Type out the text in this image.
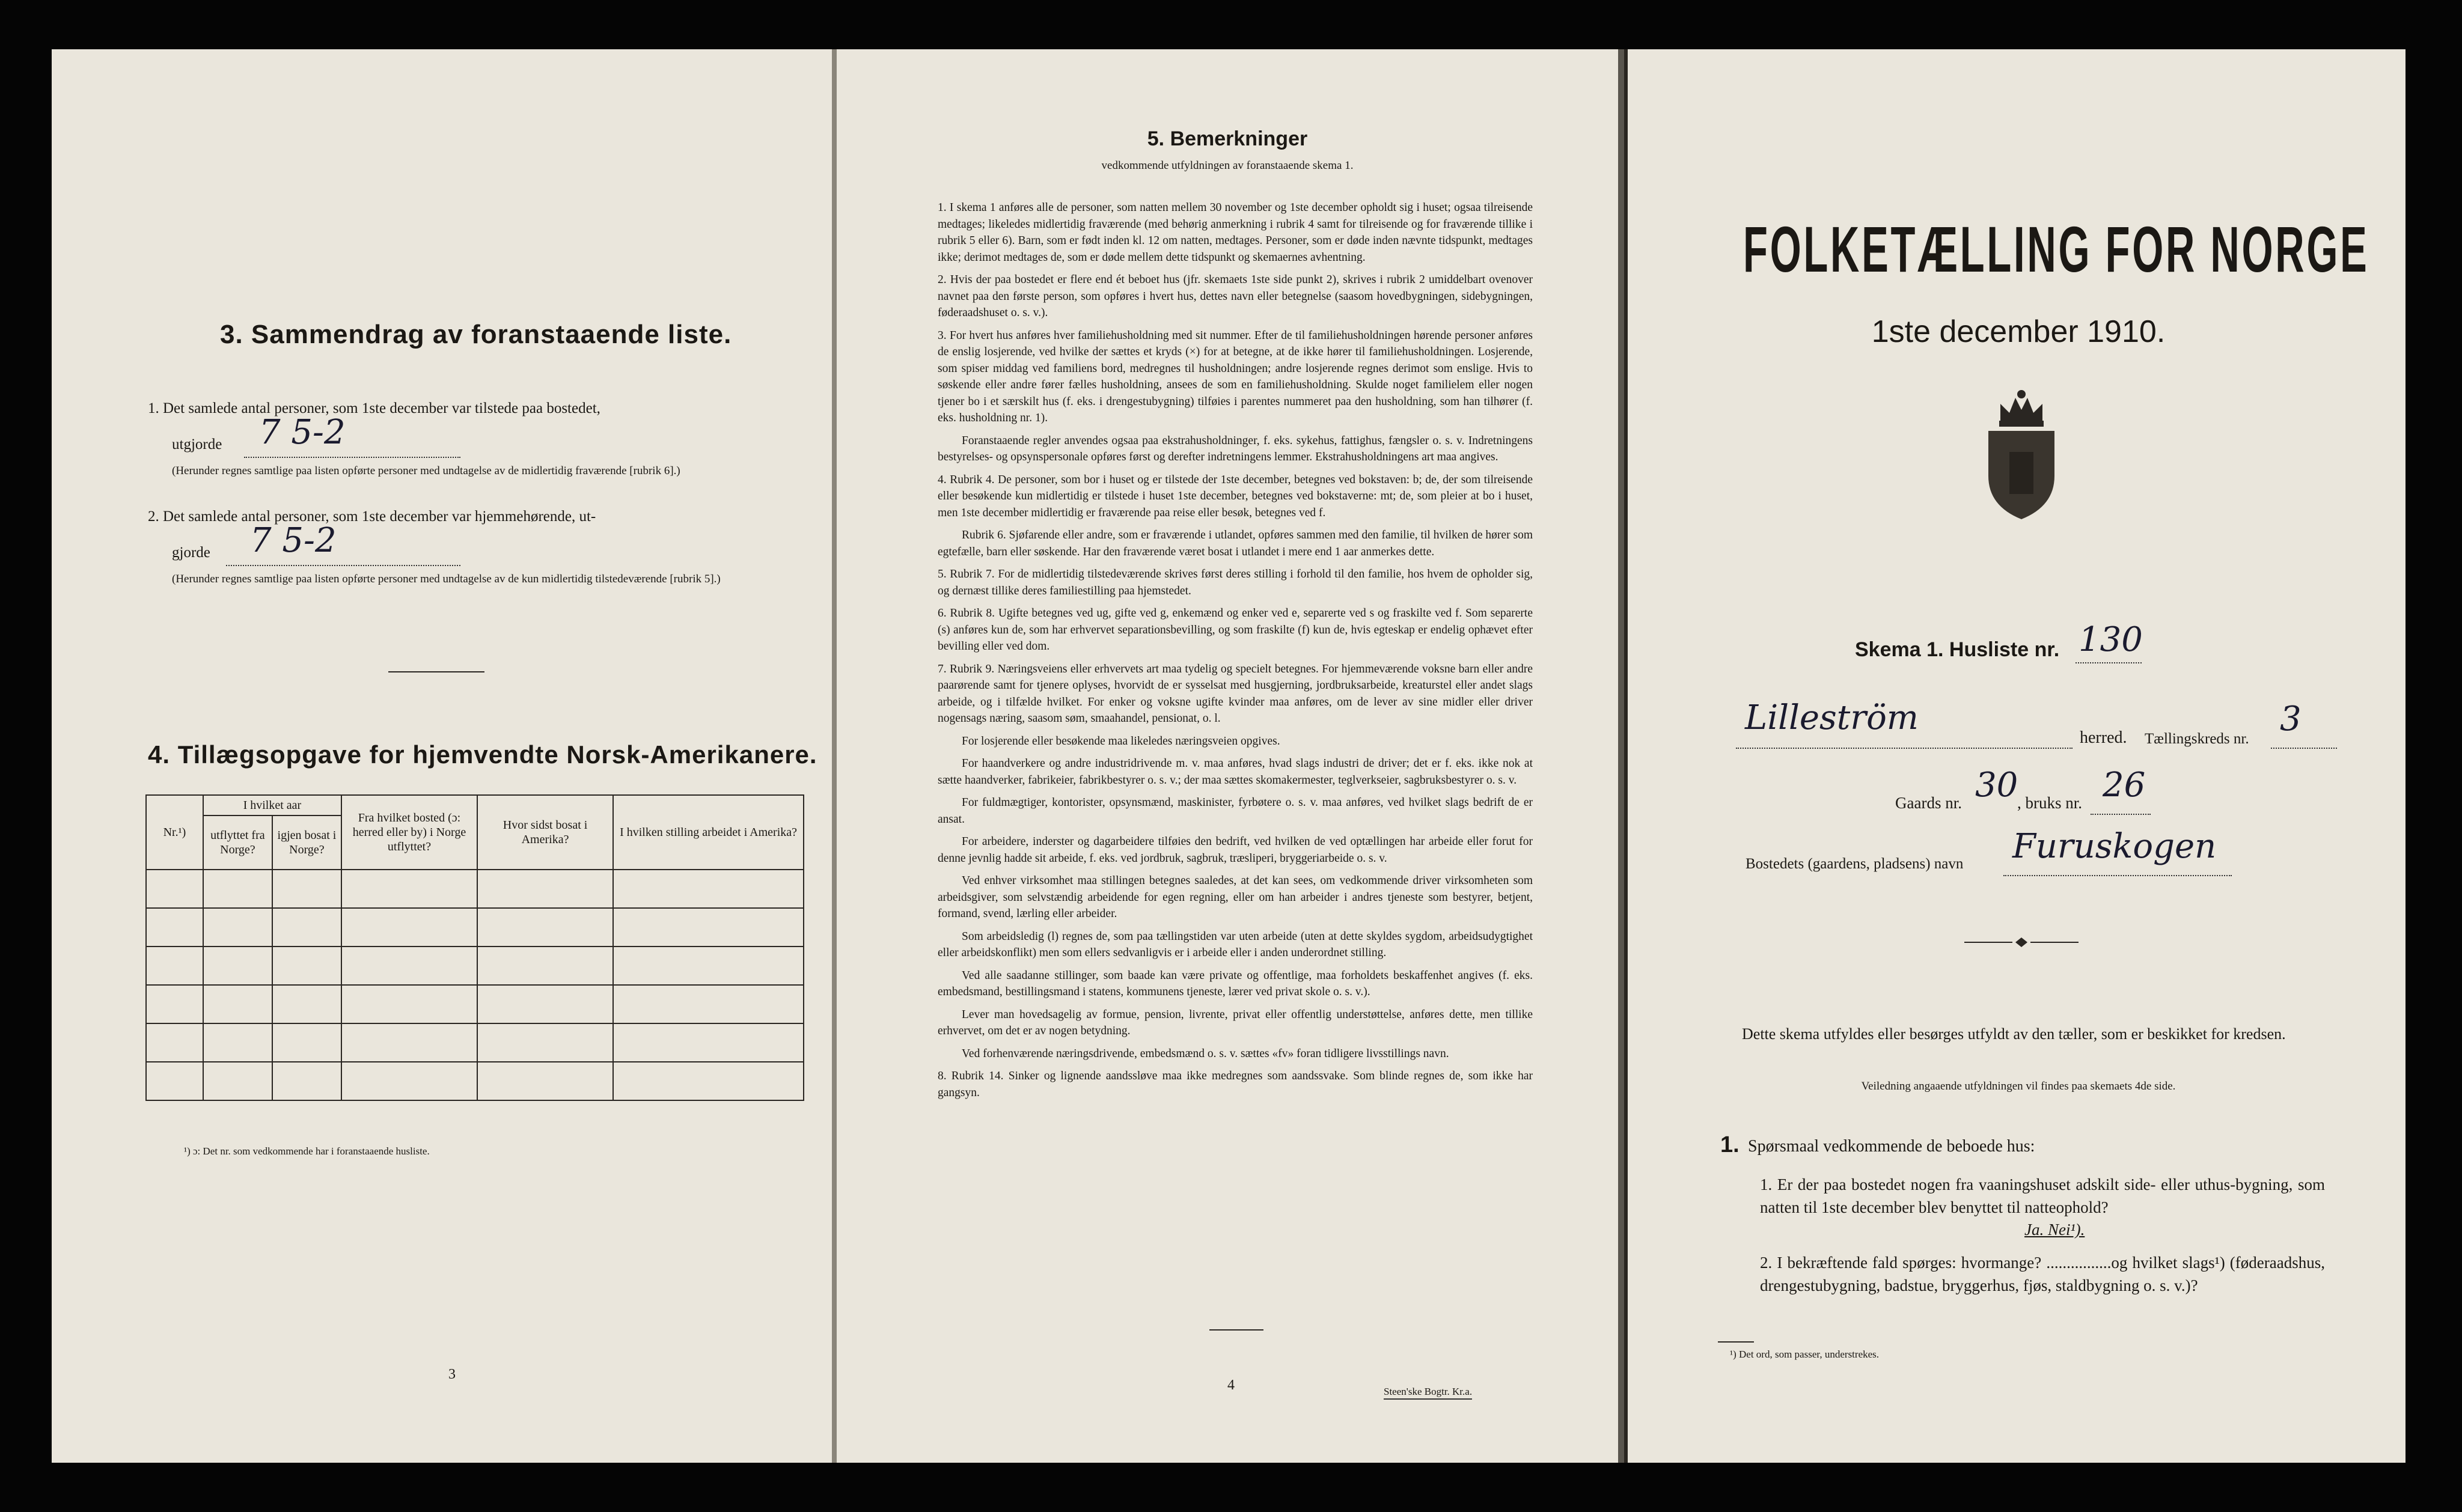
3. Sammendrag av foranstaaende liste.
1. Det samlede antal personer, som 1ste december var tilstede paa bostedet,
utgjorde 7 5-2
(Herunder regnes samtlige paa listen opførte personer med undtagelse av de midlertidig fraværende [rubrik 6].)
2. Det samlede antal personer, som 1ste december var hjemmehørende, ut-
gjorde 7 5-2
(Herunder regnes samtlige paa listen opførte personer med undtagelse av de kun midlertidig tilstedeværende [rubrik 5].)
4. Tillægsopgave for hjemvendte Norsk-Amerikanere.
Nr.¹)	I hvilket aar		Fra hvilket bosted (ɔ: herred eller by) i Norge utflyttet?	Hvor sidst bosat i Amerika?	I hvilken stilling arbeidet i Amerika?
	utflyttet fra Norge?	igjen bosat i Norge?			

¹) ɔ: Det nr. som vedkommende har i foranstaaende husliste.
3
5. Bemerkninger
vedkommende utfyldningen av foranstaaende skema 1.

1. I skema 1 anføres alle de personer, som natten mellem 30 november og 1ste december opholdt sig i huset; ogsaa tilreisende medtages; likeledes midlertidig fraværende (med behørig anmerkning i rubrik 4 samt for tilreisende og for fraværende tillike i rubrik 5 eller 6). Barn, som er født inden kl. 12 om natten, medtages. Personer, som er døde inden nævnte tidspunkt, medtages ikke; derimot medtages de, som er døde mellem dette tidspunkt og skemaernes avhentning.

2. Hvis der paa bostedet er flere end ét beboet hus (jfr. skemaets 1ste side punkt 2), skrives i rubrik 2 umiddelbart ovenover navnet paa den første person, som opføres i hvert hus, dettes navn eller betegnelse (saasom hovedbygningen, sidebygningen, føderaadshuset o. s. v.).

3. For hvert hus anføres hver familiehusholdning med sit nummer. Efter de til familiehusholdningen hørende personer anføres de enslig losjerende, ved hvilke der sættes et kryds (×) for at betegne, at de ikke hører til familiehusholdningen. Losjerende, som spiser middag ved familiens bord, medregnes til husholdningen; andre losjerende regnes derimot som enslige. Hvis to søskende eller andre fører fælles husholdning, ansees de som en familiehusholdning. Skulde noget familielem eller nogen tjener bo i et særskilt hus (f. eks. i drengestubygning) tilføies i parentes nummeret paa den husholdning, som han tilhører (f. eks. husholdning nr. 1).

Foranstaaende regler anvendes ogsaa paa ekstrahusholdninger, f. eks. sykehus, fattighus, fængsler o. s. v. Indretningens bestyrelses- og opsynspersonale opføres først og derefter indretningens lemmer. Ekstrahusholdningens art maa angives.

4. Rubrik 4. De personer, som bor i huset og er tilstede der 1ste december, betegnes ved bokstaven: b; de, der som tilreisende eller besøkende kun midlertidig er tilstede i huset 1ste december, betegnes ved bokstaverne: mt; de, som pleier at bo i huset, men 1ste december midlertidig er fraværende paa reise eller besøk, betegnes ved f.

Rubrik 6. Sjøfarende eller andre, som er fraværende i utlandet, opføres sammen med den familie, til hvilken de hører som egtefælle, barn eller søskende. Har den fraværende været bosat i utlandet i mere end 1 aar anmerkes dette.

5. Rubrik 7. For de midlertidig tilstedeværende skrives først deres stilling i forhold til den familie, hos hvem de opholder sig, og dernæst tillike deres familiestilling paa hjemstedet.

6. Rubrik 8. Ugifte betegnes ved ug, gifte ved g, enkemænd og enker ved e, separerte ved s og fraskilte ved f. Som separerte (s) anføres kun de, som har erhvervet separationsbevilling, og som fraskilte (f) kun de, hvis egteskap er endelig ophævet efter bevilling eller ved dom.

7. Rubrik 9. Næringsveiens eller erhvervets art maa tydelig og specielt betegnes. For hjemmeværende voksne barn eller andre paarørende samt for tjenere oplyses, hvorvidt de er sysselsat med husgjerning, jordbruksarbeide, kreaturstel eller andet slags arbeide, og i tilfælde hvilket. For enker og voksne ugifte kvinder maa anføres, om de lever av sine midler eller driver nogensags næring, saasom søm, smaahandel, pensionat, o. l.

For losjerende eller besøkende maa likeledes næringsveien opgives.

For haandverkere og andre industridrivende m. v. maa anføres, hvad slags industri de driver; det er f. eks. ikke nok at sætte haandverker, fabrikeier, fabrikbestyrer o. s. v.; der maa sættes skomakermester, teglverkseier, sagbruksbestyrer o. s. v.

For fuldmægtiger, kontorister, opsynsmænd, maskinister, fyrbøtere o. s. v. maa anføres, ved hvilket slags bedrift de er ansat.

For arbeidere, inderster og dagarbeidere tilføies den bedrift, ved hvilken de ved optællingen har arbeide eller forut for denne jevnlig hadde sit arbeide, f. eks. ved jordbruk, sagbruk, træsliperi, bryggeriarbeide o. s. v.

Ved enhver virksomhet maa stillingen betegnes saaledes, at det kan sees, om vedkommende driver virksomheten som arbeidsgiver, som selvstændig arbeidende for egen regning, eller om han arbeider i andres tjeneste som bestyrer, betjent, formand, svend, lærling eller arbeider.

Som arbeidsledig (l) regnes de, som paa tællingstiden var uten arbeide (uten at dette skyldes sygdom, arbeidsudygtighet eller arbeidskonflikt) men som ellers sedvanligvis er i arbeide eller i anden underordnet stilling.

Ved alle saadanne stillinger, som baade kan være private og offentlige, maa forholdets beskaffenhet angives (f. eks. embedsmand, bestillingsmand i statens, kommunens tjeneste, lærer ved privat skole o. s. v.).

Lever man hovedsagelig av formue, pension, livrente, privat eller offentlig understøttelse, anføres dette, men tillike erhvervet, om det er av nogen betydning.

Ved forhenværende næringsdrivende, embedsmænd o. s. v. sættes «fv» foran tidligere livsstillings navn.

8. Rubrik 14. Sinker og lignende aandssløve maa ikke medregnes som aandssvake. Som blinde regnes de, som ikke har gangsyn.

4	Steen'ske Bogtr. Kr.a.
FOLKETÆLLING FOR NORGE
1ste december 1910.
Skema 1. Husliste nr. 130
Lilleström
herred. Tællingskreds nr.
3
Gaards nr. 30
, bruks nr. 26
Bostedets (gaardens, pladsens) navn Furuskogen
Dette skema utfyldes eller besørges utfyldt av den tæller, som er beskikket for kredsen.
Veiledning angaaende utfyldningen vil findes paa skemaets 4de side.
1. Spørsmaal vedkommende de beboede hus:
1. Er der paa bostedet nogen fra vaaningshuset adskilt side- eller uthus-bygning, som natten til 1ste december blev benyttet til natteophold?
Ja. Nei¹).
2. I bekræftende fald spørges: hvormange? ................og hvilket slags¹) (føderaadshus, drengestubygning, badstue, bryggerhus, fjøs, staldbygning o. s. v.)?
¹) Det ord, som passer, understrekes.
